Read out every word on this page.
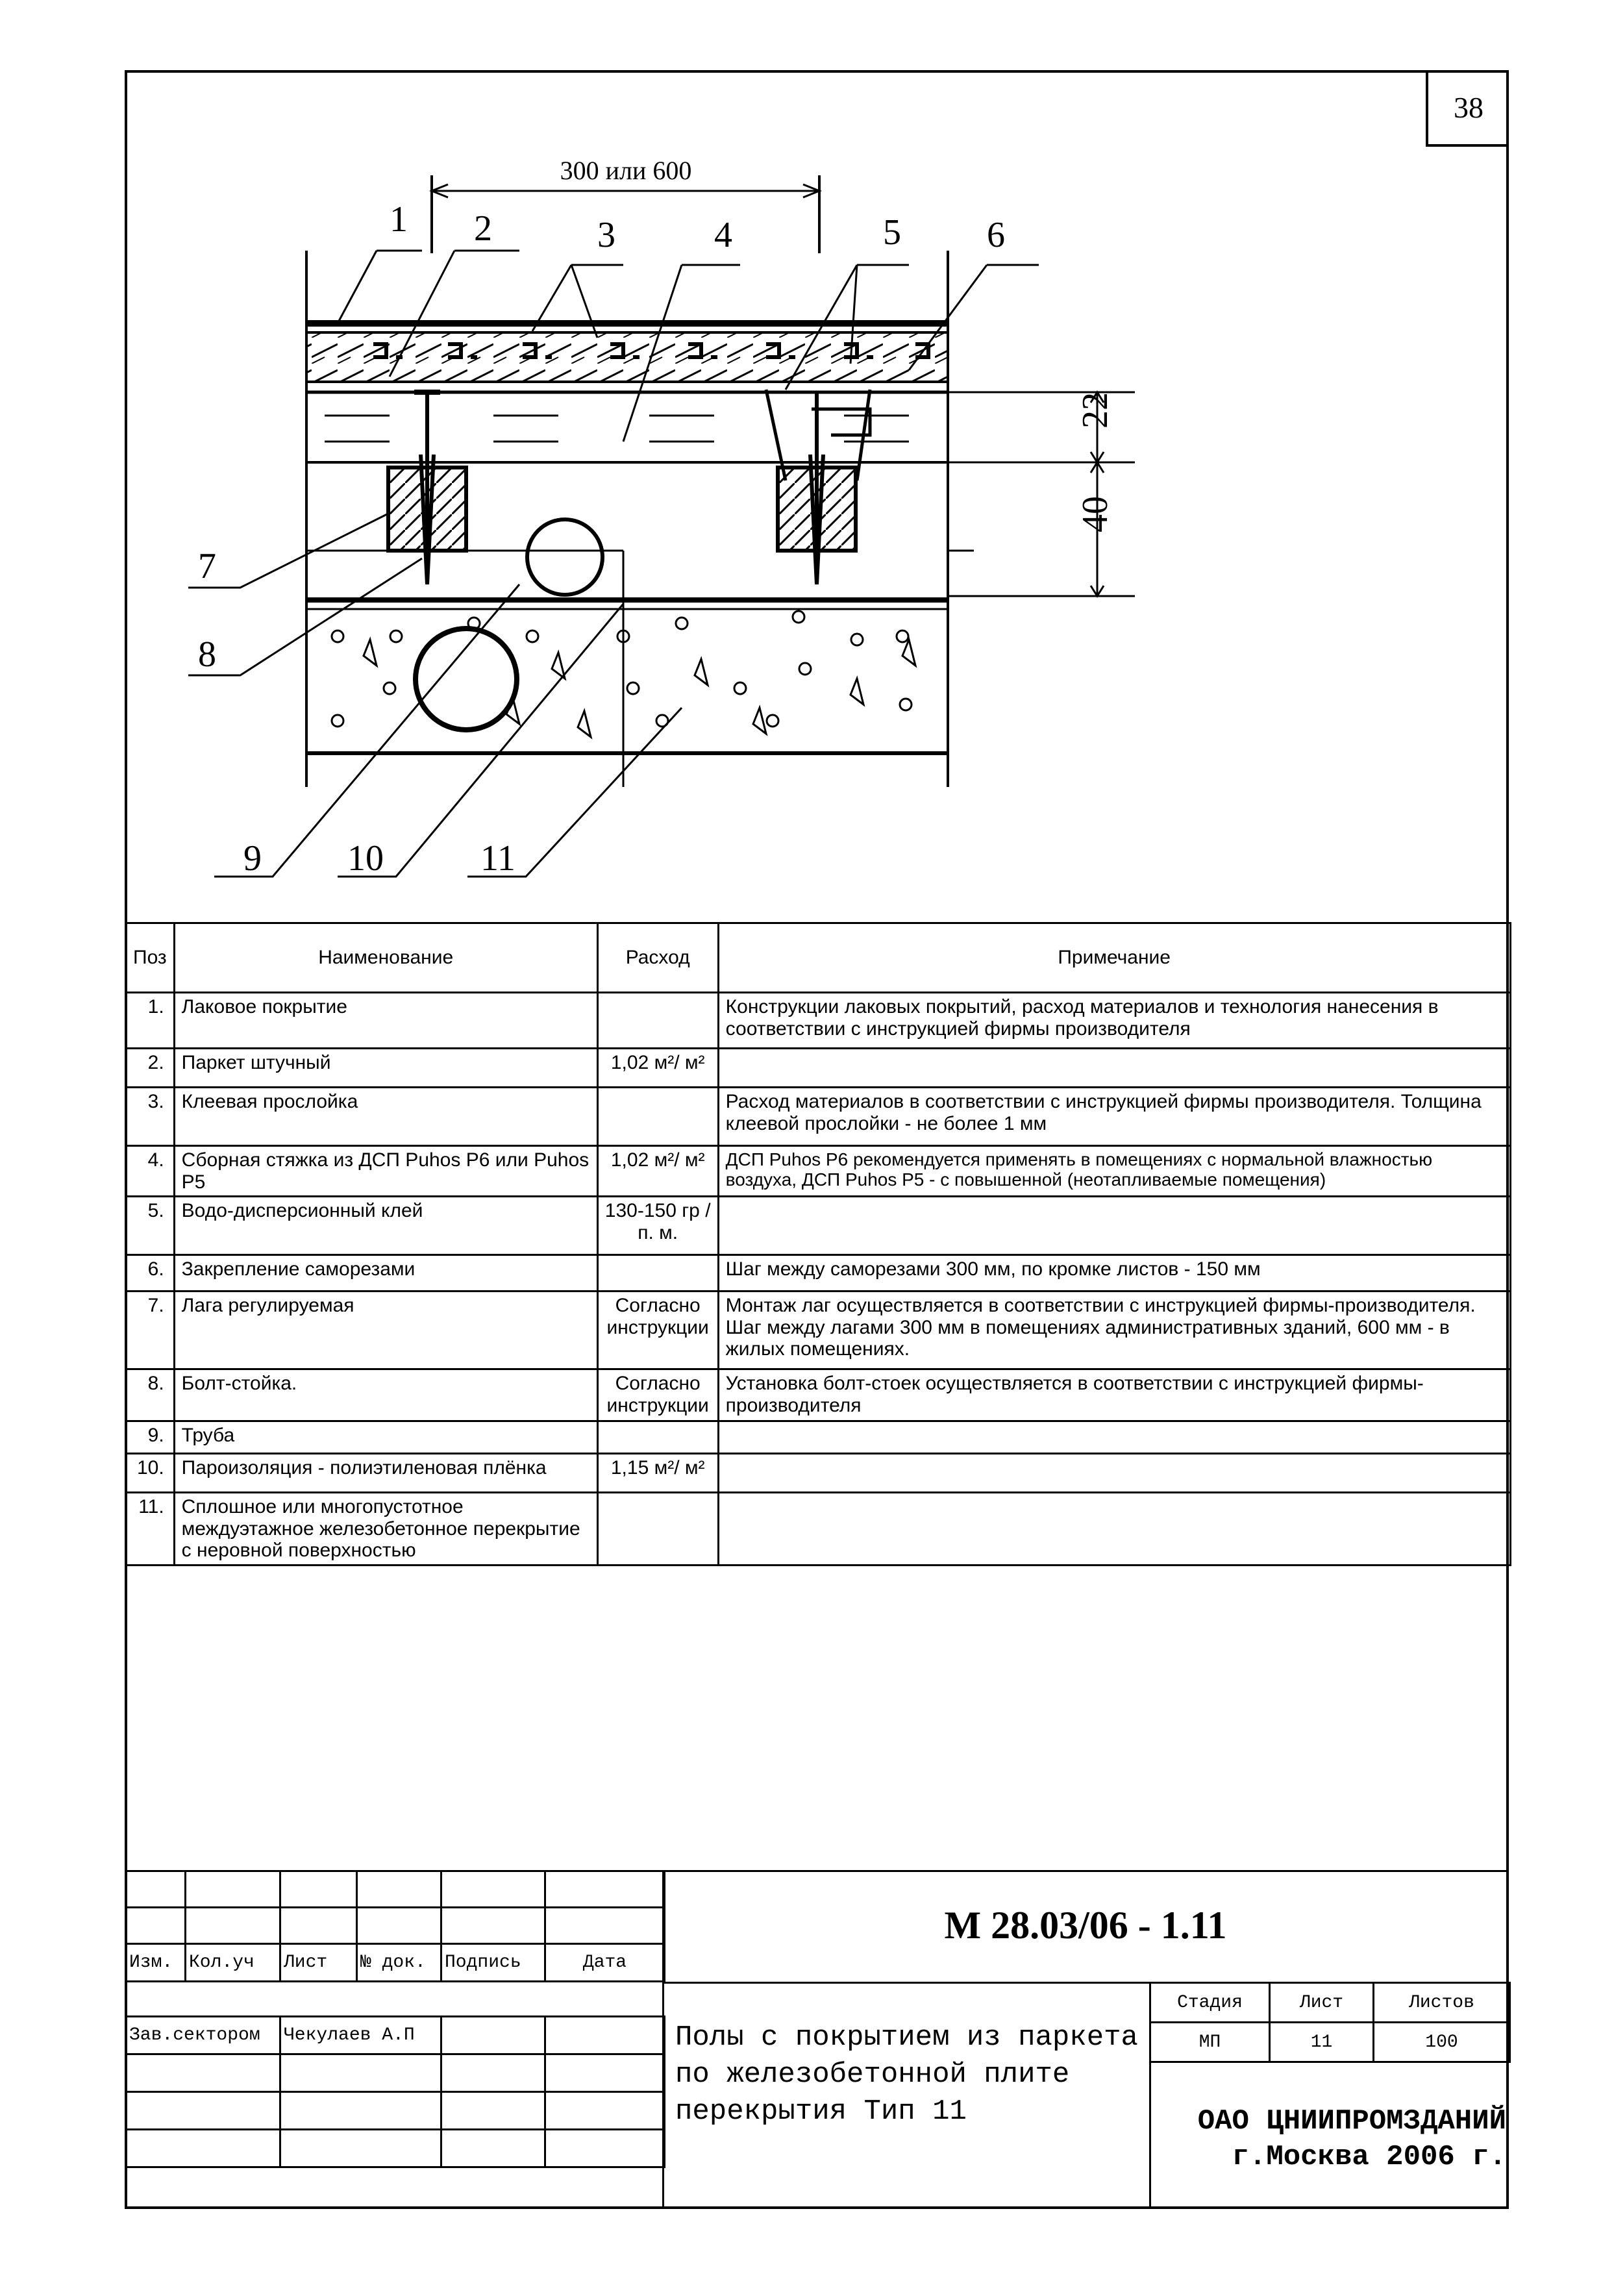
38
22
40
300 или 600
1 2	3	4	5 6
7
8
9 10	11
Поз	Наименование	Расход	Примечание
1.	Лаковое покрытие		Конструкции лаковых покрытий, расход материалов и технология нанесения в соответствии с инструкцией фирмы производителя
2.	Паркет штучный	1,02 м²/ м²	
3.	Клеевая прослойка		Расход материалов в соответствии с инструкцией фирмы производителя. Толщина клеевой прослойки - не более 1 мм
4.	Сборная стяжка из ДСП Puhos P6 или Puhos P5	1,02 м²/ м²	ДСП Puhos P6 рекомендуется применять в помещениях с нормальной влажностью воздуха, ДСП Puhos P5 - с повышенной (неотапливаемые помещения)
5.	Водо-дисперсионный клей	130-150 гр /п. м.	
6.	Закрепление саморезами		Шаг между саморезами 300 мм, по кромке листов - 150 мм
7.	Лага регулируемая	Согласно инструкции	Монтаж лаг осуществляется в соответствии с инструкцией фирмы-производителя. Шаг между лагами 300 мм в помещениях административных зданий, 600 мм - в жилых помещениях.
8.	Болт-стойка.	Согласно инструкции	Установка болт-стоек осуществляется в соответствии с инструкцией фирмы-производителя
9.	Труба		
10.	Пароизоляция - полиэтиленовая плёнка	1,15 м²/ м²	
11.	Сплошное или многопустотное междуэтажное железобетонное перекрытие с неровной поверхностью		

Изм.	Кол.уч	Лист	№ док.	Подпись	Дата
Зав.сектором	Чекулаев А.П		

М 28.03/06 - 1.11
Стадия	Лист	Листов
МП	11	100
Полы с покрытием из паркета по железобетонной плите перекрытия Тип 11	ОАО ЦНИИПРОМЗДАНИЙ
г.Москва 2006 г.
